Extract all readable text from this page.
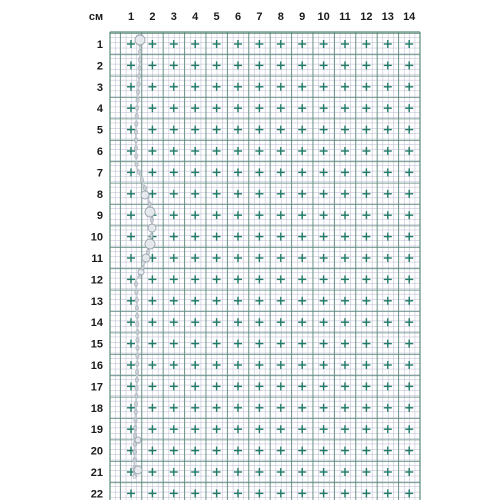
см 1 2 3 4 5 6 7 8 9 10 11 12 13 14
1
2
3
4
5
6
7
8
9
10
11
12
13
14
15
16
17
18
19
20
21
22
